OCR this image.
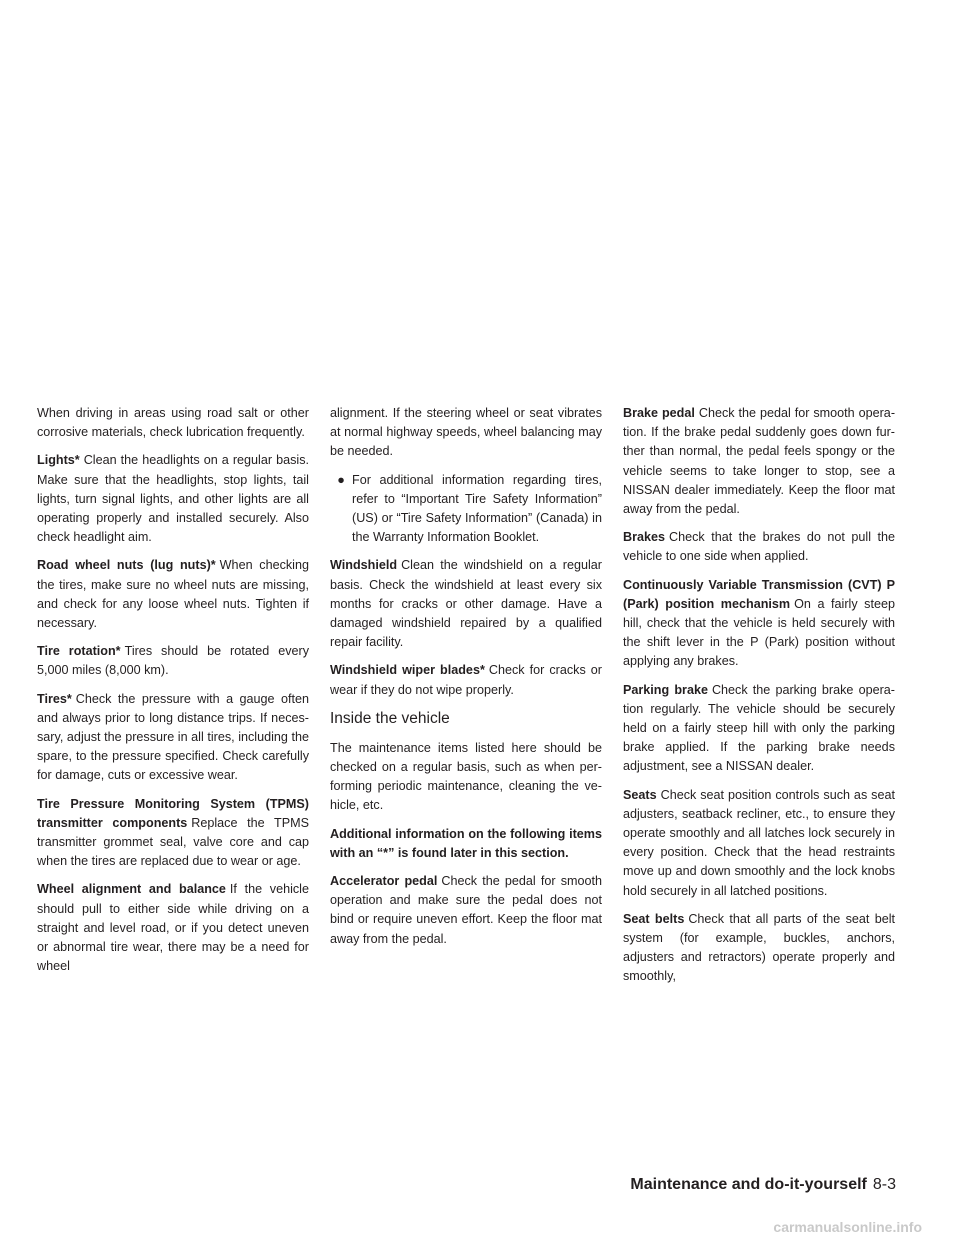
When driving in areas using road salt or other corrosive materials, check lubrication frequently.

Lights* Clean the headlights on a regular basis. Make sure that the headlights, stop lights, tail lights, turn signal lights, and other lights are all operating properly and installed securely. Also check headlight aim.

Road wheel nuts (lug nuts)* When checking the tires, make sure no wheel nuts are missing, and check for any loose wheel nuts. Tighten if necessary.

Tire rotation* Tires should be rotated every 5,000 miles (8,000 km).

Tires* Check the pressure with a gauge often and always prior to long distance trips. If necessary, adjust the pressure in all tires, including the spare, to the pressure specified. Check carefully for damage, cuts or excessive wear.

Tire Pressure Monitoring System (TPMS) transmitter components Replace the TPMS transmitter grommet seal, valve core and cap when the tires are replaced due to wear or age.

Wheel alignment and balance If the vehicle should pull to either side while driving on a straight and level road, or if you detect uneven or abnormal tire wear, there may be a need for wheel

alignment. If the steering wheel or seat vibrates at normal highway speeds, wheel balancing may be needed.

● For additional information regarding tires, refer to “Important Tire Safety Information” (US) or “Tire Safety Information” (Canada) in the Warranty Information Booklet.

Windshield Clean the windshield on a regular basis. Check the windshield at least every six months for cracks or other damage. Have a damaged windshield repaired by a qualified repair facility.

Windshield wiper blades* Check for cracks or wear if they do not wipe properly.

Inside the vehicle

The maintenance items listed here should be checked on a regular basis, such as when performing periodic maintenance, cleaning the vehicle, etc.

Additional information on the following items with an “*” is found later in this section.

Accelerator pedal Check the pedal for smooth operation and make sure the pedal does not bind or require uneven effort. Keep the floor mat away from the pedal.

Brake pedal Check the pedal for smooth operation. If the brake pedal suddenly goes down further than normal, the pedal feels spongy or the vehicle seems to take longer to stop, see a NISSAN dealer immediately. Keep the floor mat away from the pedal.

Brakes Check that the brakes do not pull the vehicle to one side when applied.

Continuously Variable Transmission (CVT) P (Park) position mechanism On a fairly steep hill, check that the vehicle is held securely with the shift lever in the P (Park) position without applying any brakes.

Parking brake Check the parking brake operation regularly. The vehicle should be securely held on a fairly steep hill with only the parking brake applied. If the parking brake needs adjustment, see a NISSAN dealer.

Seats Check seat position controls such as seat adjusters, seatback recliner, etc., to ensure they operate smoothly and all latches lock securely in every position. Check that the head restraints move up and down smoothly and the lock knobs hold securely in all latched positions.

Seat belts Check that all parts of the seat belt system (for example, buckles, anchors, adjusters and retractors) operate properly and smoothly,

Maintenance and do-it-yourself 8-3
carmanualsonline.info
